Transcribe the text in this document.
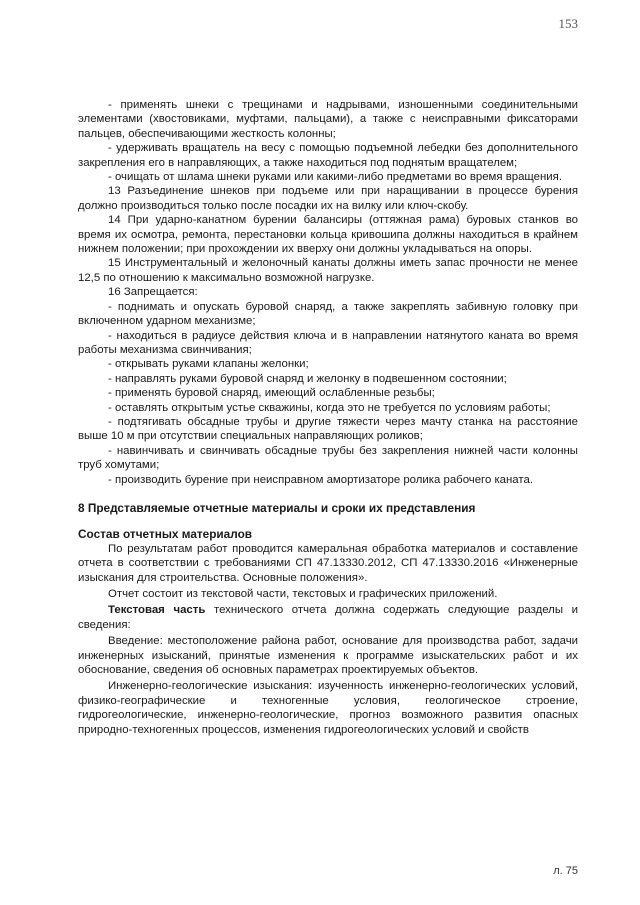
153

- применять шнеки с трещинами и надрывами, изношенными соединительными элементами (хвостовиками, муфтами, пальцами), а также с неисправными фиксаторами пальцев, обеспечивающими жесткость колонны;

- удерживать вращатель на весу с помощью подъемной лебедки без дополнительного закрепления его в направляющих, а также находиться под поднятым вращателем;

- очищать от шлама шнеки руками или какими-либо предметами во время вращения.

13 Разъединение шнеков при подъеме или при наращивании в процессе бурения должно производиться только после посадки их на вилку или ключ-скобу.

14 При ударно-канатном бурении балансиры (оттяжная рама) буровых станков во время их осмотра, ремонта, перестановки кольца кривошипа должны находиться в крайнем нижнем положении; при прохождении их вверху они должны укладываться на опоры.

15 Инструментальный и желоночный канаты должны иметь запас прочности не менее 12,5 по отношению к максимально возможной нагрузке.

16 Запрещается:

- поднимать и опускать буровой снаряд, а также закреплять забивную головку при включенном ударном механизме;

- находиться в радиусе действия ключа и в направлении натянутого каната во время работы механизма свинчивания;

- открывать руками клапаны желонки;

- направлять руками буровой снаряд и желонку в подвешенном состоянии;

- применять буровой снаряд, имеющий ослабленные резьбы;

- оставлять открытым устье скважины, когда это не требуется по условиям работы;

- подтягивать обсадные трубы и другие тяжести через мачту станка на расстояние выше 10 м при отсутствии специальных направляющих роликов;

- навинчивать и свинчивать обсадные трубы без закрепления нижней части колонны труб хомутами;

- производить бурение при неисправном амортизаторе ролика рабочего каната.

8 Представляемые отчетные материалы и сроки их представления

Состав отчетных материалов

По результатам работ проводится камеральная обработка материалов и составление отчета в соответствии с требованиями СП 47.13330.2012, СП 47.13330.2016 «Инженерные изыскания для строительства. Основные положения».

Отчет состоит из текстовой части, текстовых и графических приложений.

Текстовая часть технического отчета должна содержать следующие разделы и сведения:

Введение: местоположение района работ, основание для производства работ, задачи инженерных изысканий, принятые изменения к программе изыскательских работ и их обоснование, сведения об основных параметрах проектируемых объектов.

Инженерно-геологические изыскания: изученность инженерно-геологических условий, физико-географические и техногенные условия, геологическое строение, гидрогеологические, инженерно-геологические, прогноз возможного развития опасных природно-техногенных процессов, изменения гидрогеологических условий и свойств

л. 75
